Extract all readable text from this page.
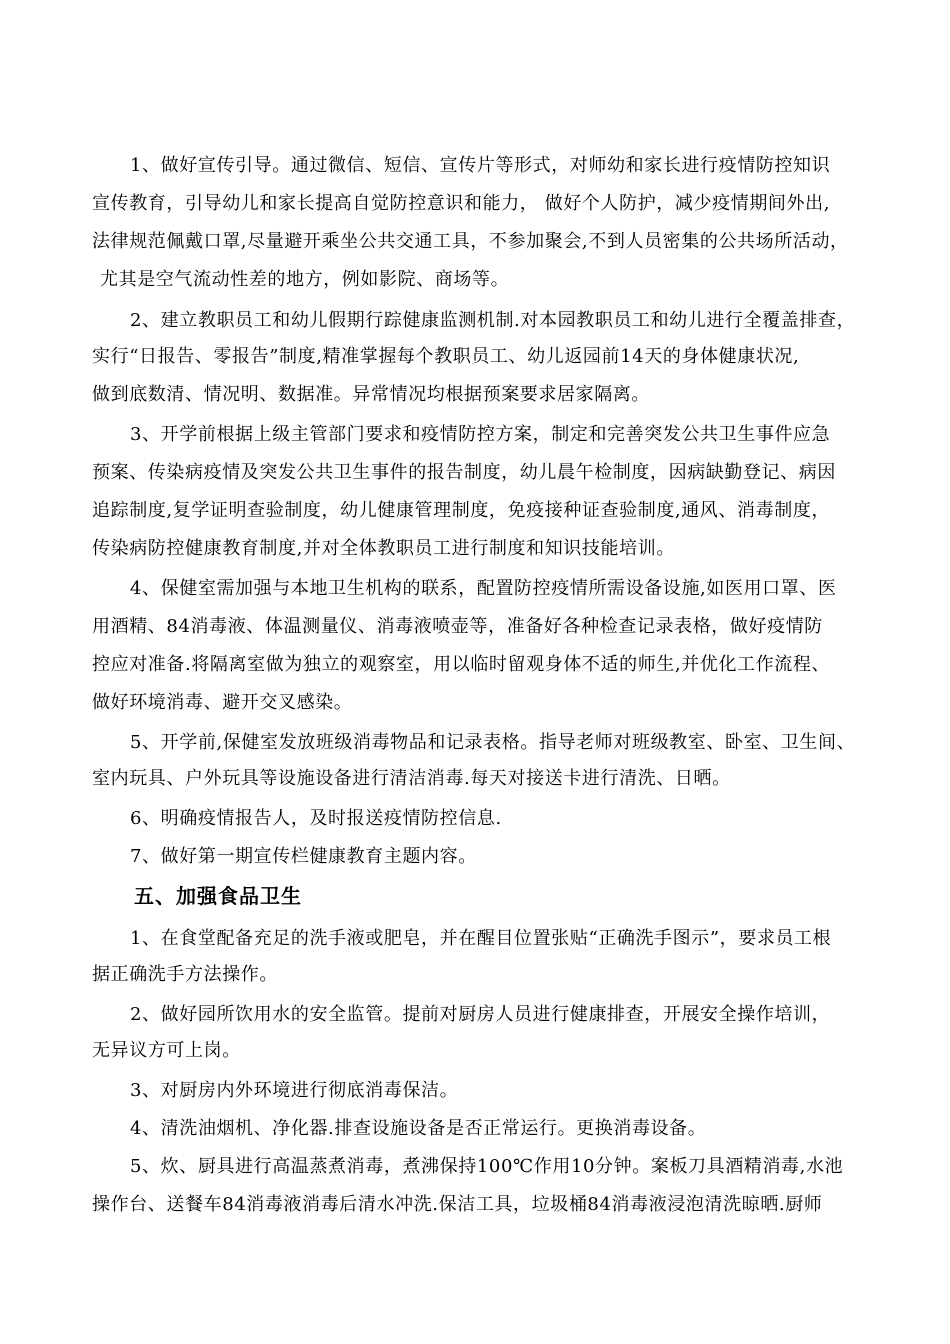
1、做好宣传引导。通过微信、短信、宣传片等形式，对师幼和家长进行疫情防控知识
宣传教育，引导幼儿和家长提高自觉防控意识和能力， 做好个人防护，减少疫情期间外出,
法律规范佩戴口罩,尽量避开乘坐公共交通工具，不参加聚会,不到人员密集的公共场所活动，
尤其是空气流动性差的地方，例如影院、商场等。
2、建立教职员工和幼儿假期行踪健康监测机制.对本园教职员工和幼儿进行全覆盖排查，
实行“日报告、零报告”制度,精准掌握每个教职员工、幼儿返园前14天的身体健康状况,
做到底数清、情况明、数据准。异常情况均根据预案要求居家隔离。
3、开学前根据上级主管部门要求和疫情防控方案，制定和完善突发公共卫生事件应急
预案、传染病疫情及突发公共卫生事件的报告制度，幼儿晨午检制度，因病缺勤登记、病因
追踪制度,复学证明查验制度，幼儿健康管理制度，免疫接种证查验制度,通风、消毒制度，
传染病防控健康教育制度,并对全体教职员工进行制度和知识技能培训。
4、保健室需加强与本地卫生机构的联系，配置防控疫情所需设备设施,如医用口罩、医
用酒精、84消毒液、体温测量仪、消毒液喷壶等，准备好各种检查记录表格，做好疫情防
控应对准备.将隔离室做为独立的观察室，用以临时留观身体不适的师生,并优化工作流程、
做好环境消毒、避开交叉感染。
5、开学前,保健室发放班级消毒物品和记录表格。指导老师对班级教室、卧室、卫生间、
室内玩具、户外玩具等设施设备进行清洁消毒.每天对接送卡进行清洗、日晒。
6、明确疫情报告人，及时报送疫情防控信息.
7、做好第一期宣传栏健康教育主题内容。
五、加强食品卫生
1、在食堂配备充足的洗手液或肥皂，并在醒目位置张贴“正确洗手图示”，要求员工根
据正确洗手方法操作。
2、做好园所饮用水的安全监管。提前对厨房人员进行健康排查，开展安全操作培训，
无异议方可上岗。
3、对厨房内外环境进行彻底消毒保洁。
4、清洗油烟机、净化器.排查设施设备是否正常运行。更换消毒设备。
5、炊、厨具进行高温蒸煮消毒，煮沸保持100℃作用10分钟。案板刀具酒精消毒,水池
操作台、送餐车84消毒液消毒后清水冲洗.保洁工具，垃圾桶84消毒液浸泡清洗晾晒.厨师
